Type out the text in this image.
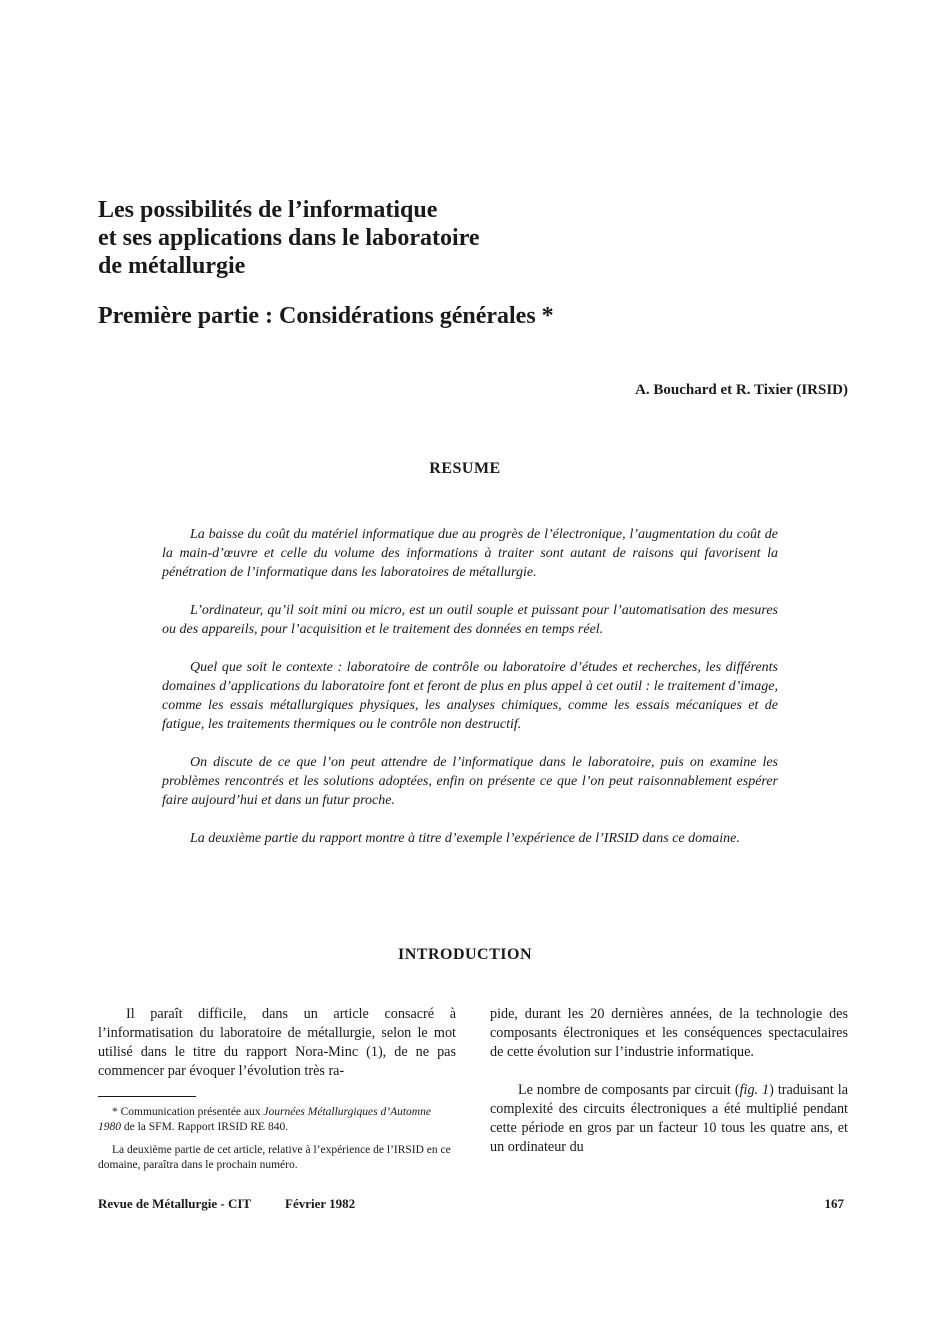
Les possibilités de l’informatique
et ses applications dans le laboratoire
de métallurgie
Première partie : Considérations générales *
A. Bouchard et R. Tixier (IRSID)
RESUME

La baisse du coût du matériel informatique due au progrès de l’électronique, l’augmentation du coût de la main-d’œuvre et celle du volume des informations à traiter sont autant de raisons qui favorisent la pénétration de l’informatique dans les laboratoires de métallurgie.

L’ordinateur, qu’il soit mini ou micro, est un outil souple et puissant pour l’automatisation des mesures ou des appareils, pour l’acquisition et le traitement des données en temps réel.

Quel que soit le contexte : laboratoire de contrôle ou laboratoire d’études et recherches, les différents domaines d’applications du laboratoire font et feront de plus en plus appel à cet outil : le traitement d’image, comme les essais métallurgiques physiques, les analyses chimiques, comme les essais mécaniques et de fatigue, les traitements thermiques ou le contrôle non destructif.

On discute de ce que l’on peut attendre de l’informatique dans le laboratoire, puis on examine les problèmes rencontrés et les solutions adoptées, enfin on présente ce que l’on peut raisonnablement espérer faire aujourd’hui et dans un futur proche.

La deuxième partie du rapport montre à titre d’exemple l’expérience de l’IRSID dans ce domaine.

INTRODUCTION

Il paraît difficile, dans un article consacré à l’informatisation du laboratoire de métallurgie, selon le mot utilisé dans le titre du rapport Nora-Minc (1), de ne pas commencer par évoquer l’évolution très ra-

* Communication présentée aux Journées Métallurgiques d’Automne 1980 de la SFM. Rapport IRSID RE 840.

La deuxième partie de cet article, relative à l’expérience de l’IRSID en ce domaine, paraîtra dans le prochain numéro.

pide, durant les 20 dernières années, de la technologie des composants électroniques et les conséquences spectaculaires de cette évolution sur l’industrie informatique.

Le nombre de composants par circuit (fig. 1) traduisant la complexité des circuits électroniques a été multiplié pendant cette période en gros par un facteur 10 tous les quatre ans, et un ordinateur du

Revue de Métallurgie - CIT	Février 1982	167
